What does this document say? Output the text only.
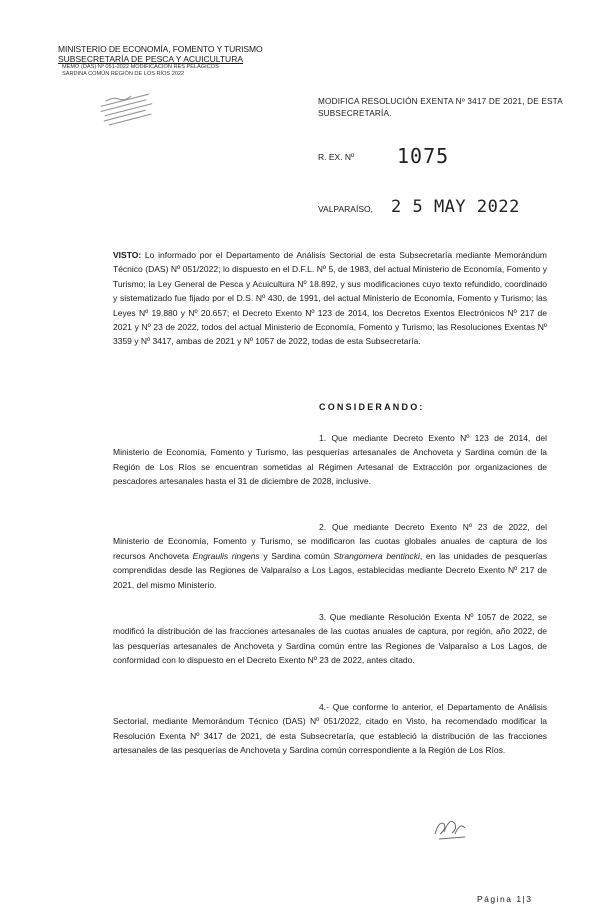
MINISTERIO DE ECONOMÍA, FOMENTO Y TURISMO
SUBSECRETARÍA DE PESCA Y ACUICULTURA
MEMO (DAS) Nº 051-2022 MODIFICACIÓN RES PELÁGICOS
SARDINA COMÚN REGIÓN DE LOS RÍOS 2022
MODIFICA RESOLUCIÓN EXENTA Nº 3417 DE 2021, DE ESTA SUBSECRETARÍA.
R. EX. Nº 1075
VALPARAÍSO, 2 5 MAY 2022

VISTO: Lo informado por el Departamento de Análisis Sectorial de esta Subsecretaría mediante Memorándum Técnico (DAS) Nº 051/2022; lo dispuesto en el D.F.L. Nº 5, de 1983, del actual Ministerio de Economía, Fomento y Turismo; la Ley General de Pesca y Acuicultura Nº 18.892, y sus modificaciones cuyo texto refundido, coordinado y sistematizado fue fijado por el D.S. Nº 430, de 1991, del actual Ministerio de Economía, Fomento y Turismo; las Leyes Nº 19.880 y Nº 20.657; el Decreto Exento Nº 123 de 2014, los Decretos Exentos Electrónicos Nº 217 de 2021 y Nº 23 de 2022, todos del actual Ministerio de Economía, Fomento y Turismo; las Resoluciones Exentas Nº 3359 y Nº 3417, ambas de 2021 y Nº 1057 de 2022, todas de esta Subsecretaría.

CONSIDERANDO:

1. Que mediante Decreto Exento Nº 123 de 2014, del Ministerio de Economía, Fomento y Turismo, las pesquerías artesanales de Anchoveta y Sardina común de la Región de Los Ríos se encuentran sometidas al Régimen Artesanal de Extracción por organizaciones de pescadores artesanales hasta el 31 de diciembre de 2028, inclusive.

2. Que mediante Decreto Exento Nº 23 de 2022, del Ministerio de Economía, Fomento y Turismo, se modificaron las cuotas globales anuales de captura de los recursos Anchoveta Engraulis ringens y Sardina común Strangomera bentincki, en las unidades de pesquerías comprendidas desde las Regiones de Valparaíso a Los Lagos, establecidas mediante Decreto Exento Nº 217 de 2021, del mismo Ministerio.

3. Que mediante Resolución Exenta Nº 1057 de 2022, se modificó la distribución de las fracciones artesanales de las cuotas anuales de captura, por región, año 2022, de las pesquerías artesanales de Anchoveta y Sardina común entre las Regiones de Valparaíso a Los Lagos, de conformidad con lo dispuesto en el Decreto Exento Nº 23 de 2022, antes citado.

4.- Que conforme lo anterior, el Departamento de Análisis Sectorial, mediante Memorándum Técnico (DAS) Nº 051/2022, citado en Visto, ha recomendado modificar la Resolución Exenta Nº 3417 de 2021, de esta Subsecretaría, que estableció la distribución de las fracciones artesanales de las pesquerías de Anchoveta y Sardina común correspondiente a la Región de Los Ríos.

Página 1|3
